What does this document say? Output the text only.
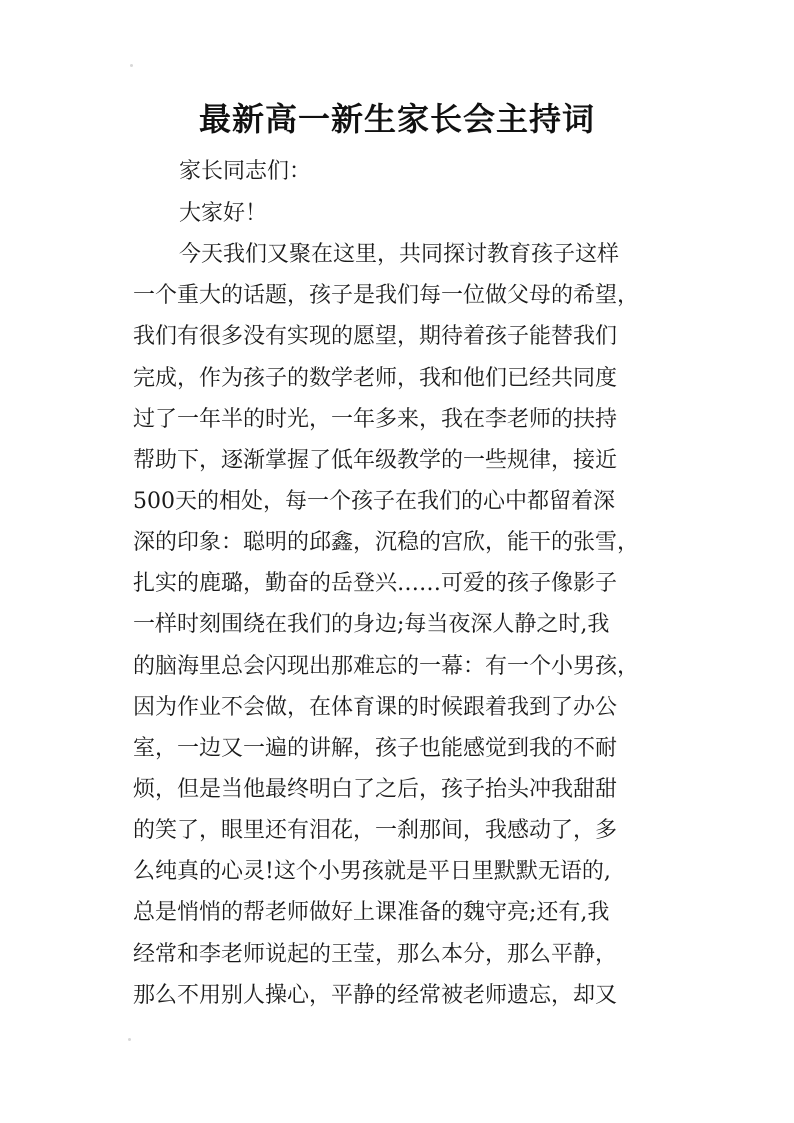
最新高一新生家长会主持词
家长同志们：
大家好！
今天我们又聚在这里，共同探讨教育孩子这样
一个重大的话题，孩子是我们每一位做父母的希望，
我们有很多没有实现的愿望，期待着孩子能替我们
完成，作为孩子的数学老师，我和他们已经共同度
过了一年半的时光，一年多来，我在李老师的扶持
帮助下，逐渐掌握了低年级教学的一些规律，接近
500天的相处，每一个孩子在我们的心中都留着深
深的印象：聪明的邱鑫，沉稳的宫欣，能干的张雪，
扎实的鹿璐，勤奋的岳登兴……可爱的孩子像影子
一样时刻围绕在我们的身边;每当夜深人静之时,我
的脑海里总会闪现出那难忘的一幕：有一个小男孩，
因为作业不会做，在体育课的时候跟着我到了办公
室，一边又一遍的讲解，孩子也能感觉到我的不耐
烦，但是当他最终明白了之后，孩子抬头冲我甜甜
的笑了，眼里还有泪花，一刹那间，我感动了，多
么纯真的心灵!这个小男孩就是平日里默默无语的,
总是悄悄的帮老师做好上课准备的魏守亮;还有,我
经常和李老师说起的王莹，那么本分，那么平静，
那么不用别人操心，平静的经常被老师遗忘，却又
